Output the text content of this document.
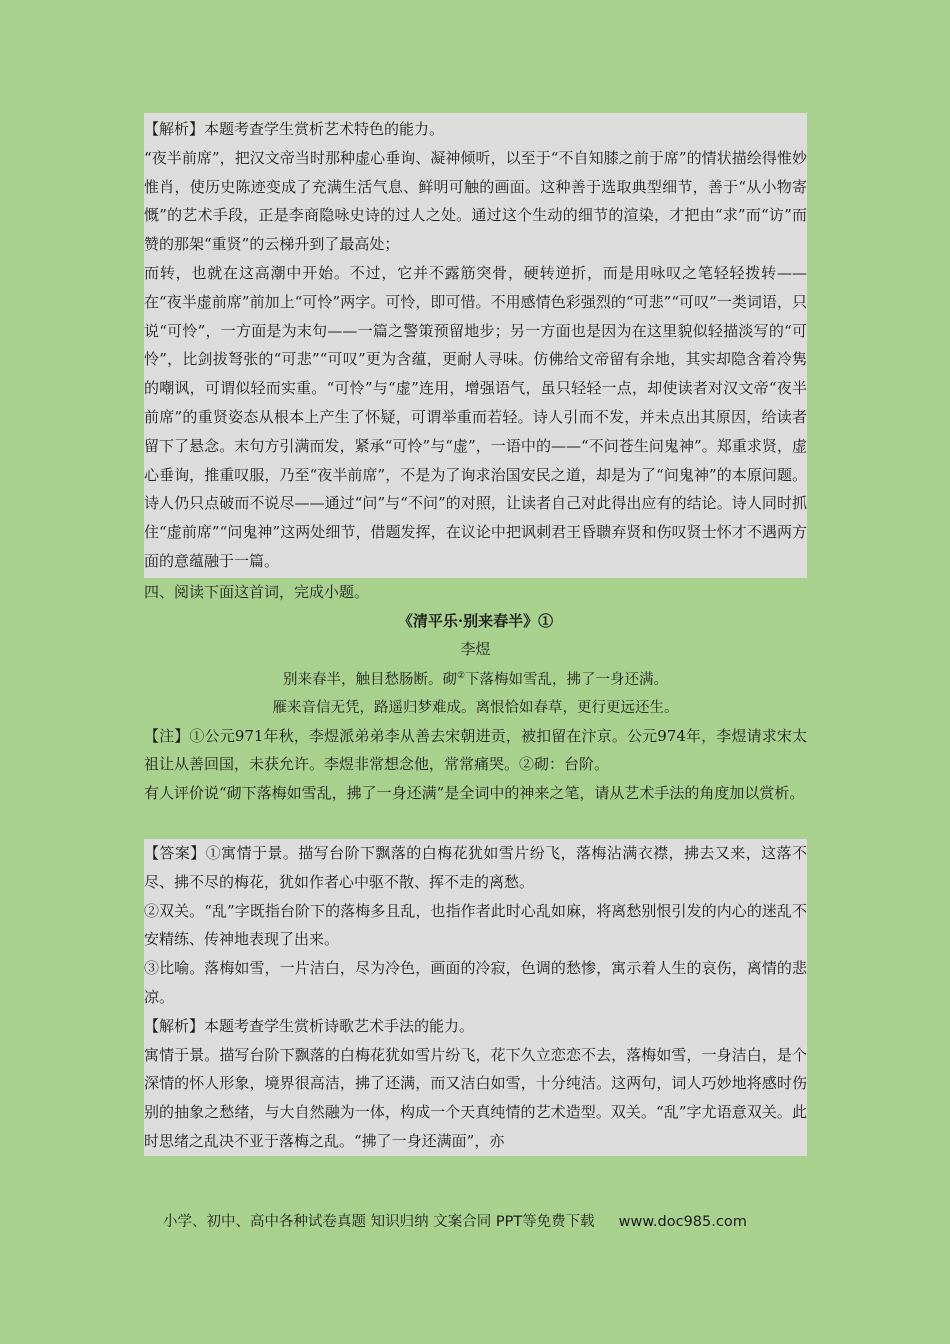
【解析】本题考查学生赏析艺术特色的能力。

“夜半前席”，把汉文帝当时那种虚心垂询、凝神倾听，以至于“不自知膝之前于席”的情状描绘得惟妙惟肖，使历史陈迹变成了充满生活气息、鲜明可触的画面。这种善于选取典型细节，善于“从小物寄慨”的艺术手段，正是李商隐咏史诗的过人之处。通过这个生动的细节的渲染，才把由“求”而“访”而赞的那架“重贤”的云梯升到了最高处；

而转，也就在这高潮中开始。不过，它并不露筋突骨，硬转逆折，而是用咏叹之笔轻轻拨转——在“夜半虚前席”前加上“可怜”两字。可怜，即可惜。不用感情色彩强烈的“可悲”“可叹”一类词语，只说“可怜”，一方面是为末句——一篇之警策预留地步；另一方面也是因为在这里貌似轻描淡写的“可怜”，比剑拔弩张的“可悲”“可叹”更为含蕴，更耐人寻味。仿佛给文帝留有余地，其实却隐含着冷隽的嘲讽，可谓似轻而实重。“可怜”与“虚”连用，增强语气，虽只轻轻一点，却使读者对汉文帝“夜半前席”的重贤姿态从根本上产生了怀疑，可谓举重而若轻。诗人引而不发，并未点出其原因，给读者留下了悬念。末句方引满而发，紧承“可怜”与“虚”，一语中的——“不问苍生问鬼神”。郑重求贤，虚心垂询，推重叹服，乃至“夜半前席”，不是为了询求治国安民之道，却是为了“问鬼神”的本原问题。诗人仍只点破而不说尽——通过“问”与“不问”的对照，让读者自己对此得出应有的结论。诗人同时抓住“虚前席”“问鬼神”这两处细节，借题发挥，在议论中把讽刺君王昏聩弃贤和伤叹贤士怀才不遇两方面的意蕴融于一篇。

四、阅读下面这首词，完成小题。

《清平乐·别来春半》①

李煜

别来春半，触目愁肠断。砌②下落梅如雪乱，拂了一身还满。

雁来音信无凭，路遥归梦难成。离恨恰如春草，更行更远还生。

【注】①公元971年秋，李煜派弟弟李从善去宋朝进贡，被扣留在汴京。公元974年，李煜请求宋太祖让从善回国，未获允许。李煜非常想念他，常常痛哭。②砌：台阶。

有人评价说“砌下落梅如雪乱，拂了一身还满”是全词中的神来之笔，请从艺术手法的角度加以赏析。

【答案】①寓情于景。描写台阶下飘落的白梅花犹如雪片纷飞，落梅沾满衣襟，拂去又来，这落不尽、拂不尽的梅花，犹如作者心中驱不散、挥不走的离愁。

②双关。“乱”字既指台阶下的落梅多且乱，也指作者此时心乱如麻，将离愁别恨引发的内心的迷乱不安精练、传神地表现了出来。

③比喻。落梅如雪，一片洁白，尽为冷色，画面的冷寂，色调的愁惨，寓示着人生的哀伤，离情的悲凉。

【解析】本题考查学生赏析诗歌艺术手法的能力。

寓情于景。描写台阶下飘落的白梅花犹如雪片纷飞，花下久立恋恋不去，落梅如雪，一身洁白，是个深情的怀人形象，境界很高洁，拂了还满，而又洁白如雪，十分纯洁。这两句，词人巧妙地将感时伤别的抽象之愁绪，与大自然融为一体，构成一个天真纯情的艺术造型。双关。“乱”字尤语意双关。此时思绪之乱决不亚于落梅之乱。“拂了一身还满面”，亦

小学、初中、高中各种试卷真题 知识归纳 文案合同 PPT等免费下载 www.doc985.com
